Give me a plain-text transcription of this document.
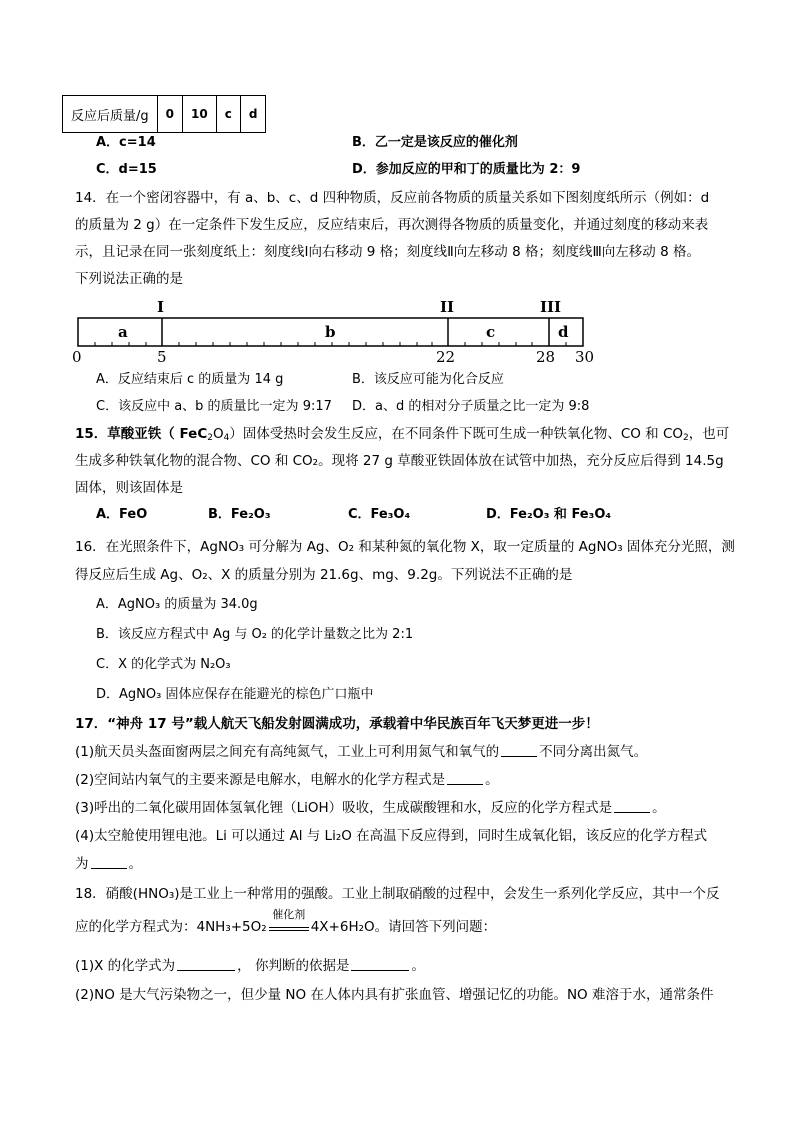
反应后质量/g	0	10	c	d
A．c=14	B．乙一定是该反应的催化剂
C．d=15	D．参加反应的甲和丁的质量比为 2：9
14．在一个密闭容器中，有 a、b、c、d 四种物质，反应前各物质的质量关系如下图刻度纸所示（例如：d
的质量为 2 g）在一定条件下发生反应，反应结束后，再次测得各物质的质量变化，并通过刻度的移动来表
示，且记录在同一张刻度纸上：刻度线Ⅰ向右移动 9 格；刻度线Ⅱ向左移动 8 格；刻度线Ⅲ向左移动 8 格。
下列说法正确的是
I	II	III
a	b	c	d
0	5	22	28 30
A．反应结束后 c 的质量为 14 g	B．该反应可能为化合反应
C．该反应中 a、b 的质量比一定为 9:17 D．a、d 的相对分子质量之比一定为 9:8
15．草酸亚铁（ $FeC_2O_4$）固体受热时会发生反应，在不同条件下既可生成一种铁氧化物、CO 和 $CO_2$，也可
生成多种铁氧化物的混合物、CO 和 CO₂。现将 27 g 草酸亚铁固体放在试管中加热，充分反应后得到 14.5g
固体，则该固体是
A．FeO	B．Fe₂O₃	C．Fe₃O₄	D．Fe₂O₃ 和 Fe₃O₄
16．在光照条件下，AgNO₃ 可分解为 Ag、O₂ 和某种氮的氧化物 X，取一定质量的 AgNO₃ 固体充分光照，测
得反应后生成 Ag、O₂、X 的质量分别为 21.6g、mg、9.2g。下列说法不正确的是
A．AgNO₃ 的质量为 34.0g
B．该反应方程式中 Ag 与 O₂ 的化学计量数之比为 2:1
C．X 的化学式为 N₂O₃
D．AgNO₃ 固体应保存在能避光的棕色广口瓶中
17．“神舟 17 号”载人航天飞船发射圆满成功，承载着中华民族百年飞天梦更进一步！
(1)航天员头盔面窗两层之间充有高纯氮气，工业上可利用氮气和氧气的	不同分离出氮气。
(2)空间站内氧气的主要来源是电解水，电解水的化学方程式是	。
(3)呼出的二氧化碳用固体氢氧化锂（LiOH）吸收，生成碳酸锂和水，反应的化学方程式是	。
(4)太空舱使用锂电池。Li 可以通过 Al 与 Li₂O 在高温下反应得到，同时生成氧化铝，该反应的化学方程式
为	。
18．硝酸(HNO₃)是工业上一种常用的强酸。工业上制取硝酸的过程中，会发生一系列化学反应，其中一个反
应的化学方程式为：4NH₃+5O₂
催化剂
4X+6H₂O。请回答下列问题：
(1)X 的化学式为	， 你判断的依据是	。
(2)NO 是大气污染物之一，但少量 NO 在人体内具有扩张血管、增强记忆的功能。NO 难溶于水，通常条件
